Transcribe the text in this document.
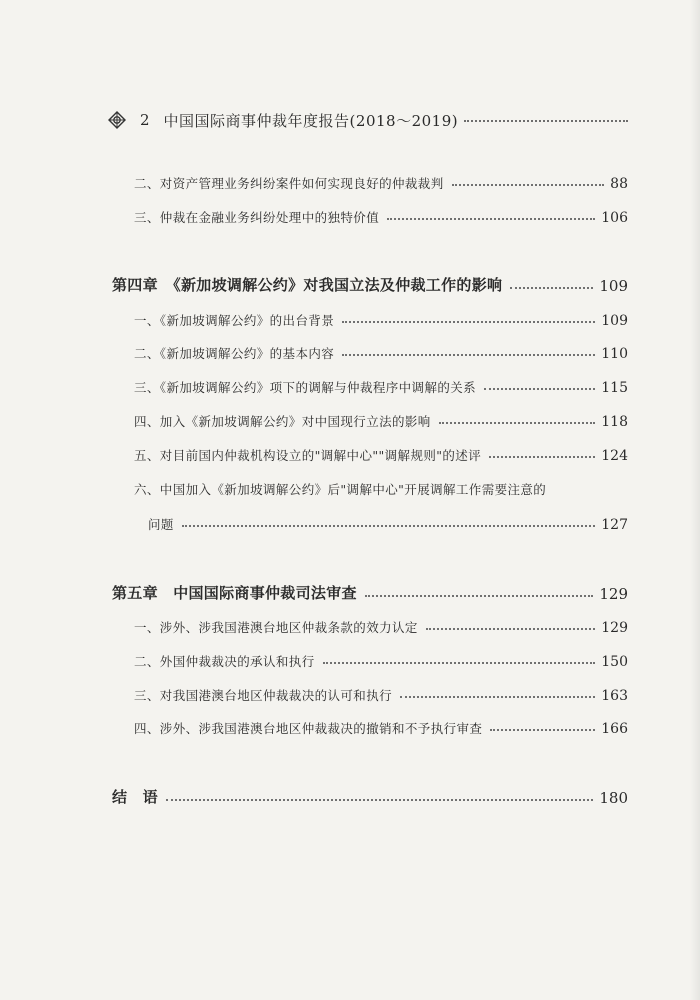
2 中国国际商事仲裁年度报告(2018～2019)
二、对资产管理业务纠纷案件如何实现良好的仲裁裁判	88
三、仲裁在金融业务纠纷处理中的独特价值	106
第四章　《新加坡调解公约》对我国立法及仲裁工作的影响	109
一、《新加坡调解公约》的出台背景	109
二、《新加坡调解公约》的基本内容	110
三、《新加坡调解公约》项下的调解与仲裁程序中调解的关系	115
四、加入《新加坡调解公约》对中国现行立法的影响	118
五、对目前国内仲裁机构设立的"调解中心""调解规则"的述评	124
六、中国加入《新加坡调解公约》后"调解中心"开展调解工作需要注意的
问题	127
第五章　中国国际商事仲裁司法审查	129
一、涉外、涉我国港澳台地区仲裁条款的效力认定	129
二、外国仲裁裁决的承认和执行	150
三、对我国港澳台地区仲裁裁决的认可和执行	163
四、涉外、涉我国港澳台地区仲裁裁决的撤销和不予执行审查	166
结　语	180
